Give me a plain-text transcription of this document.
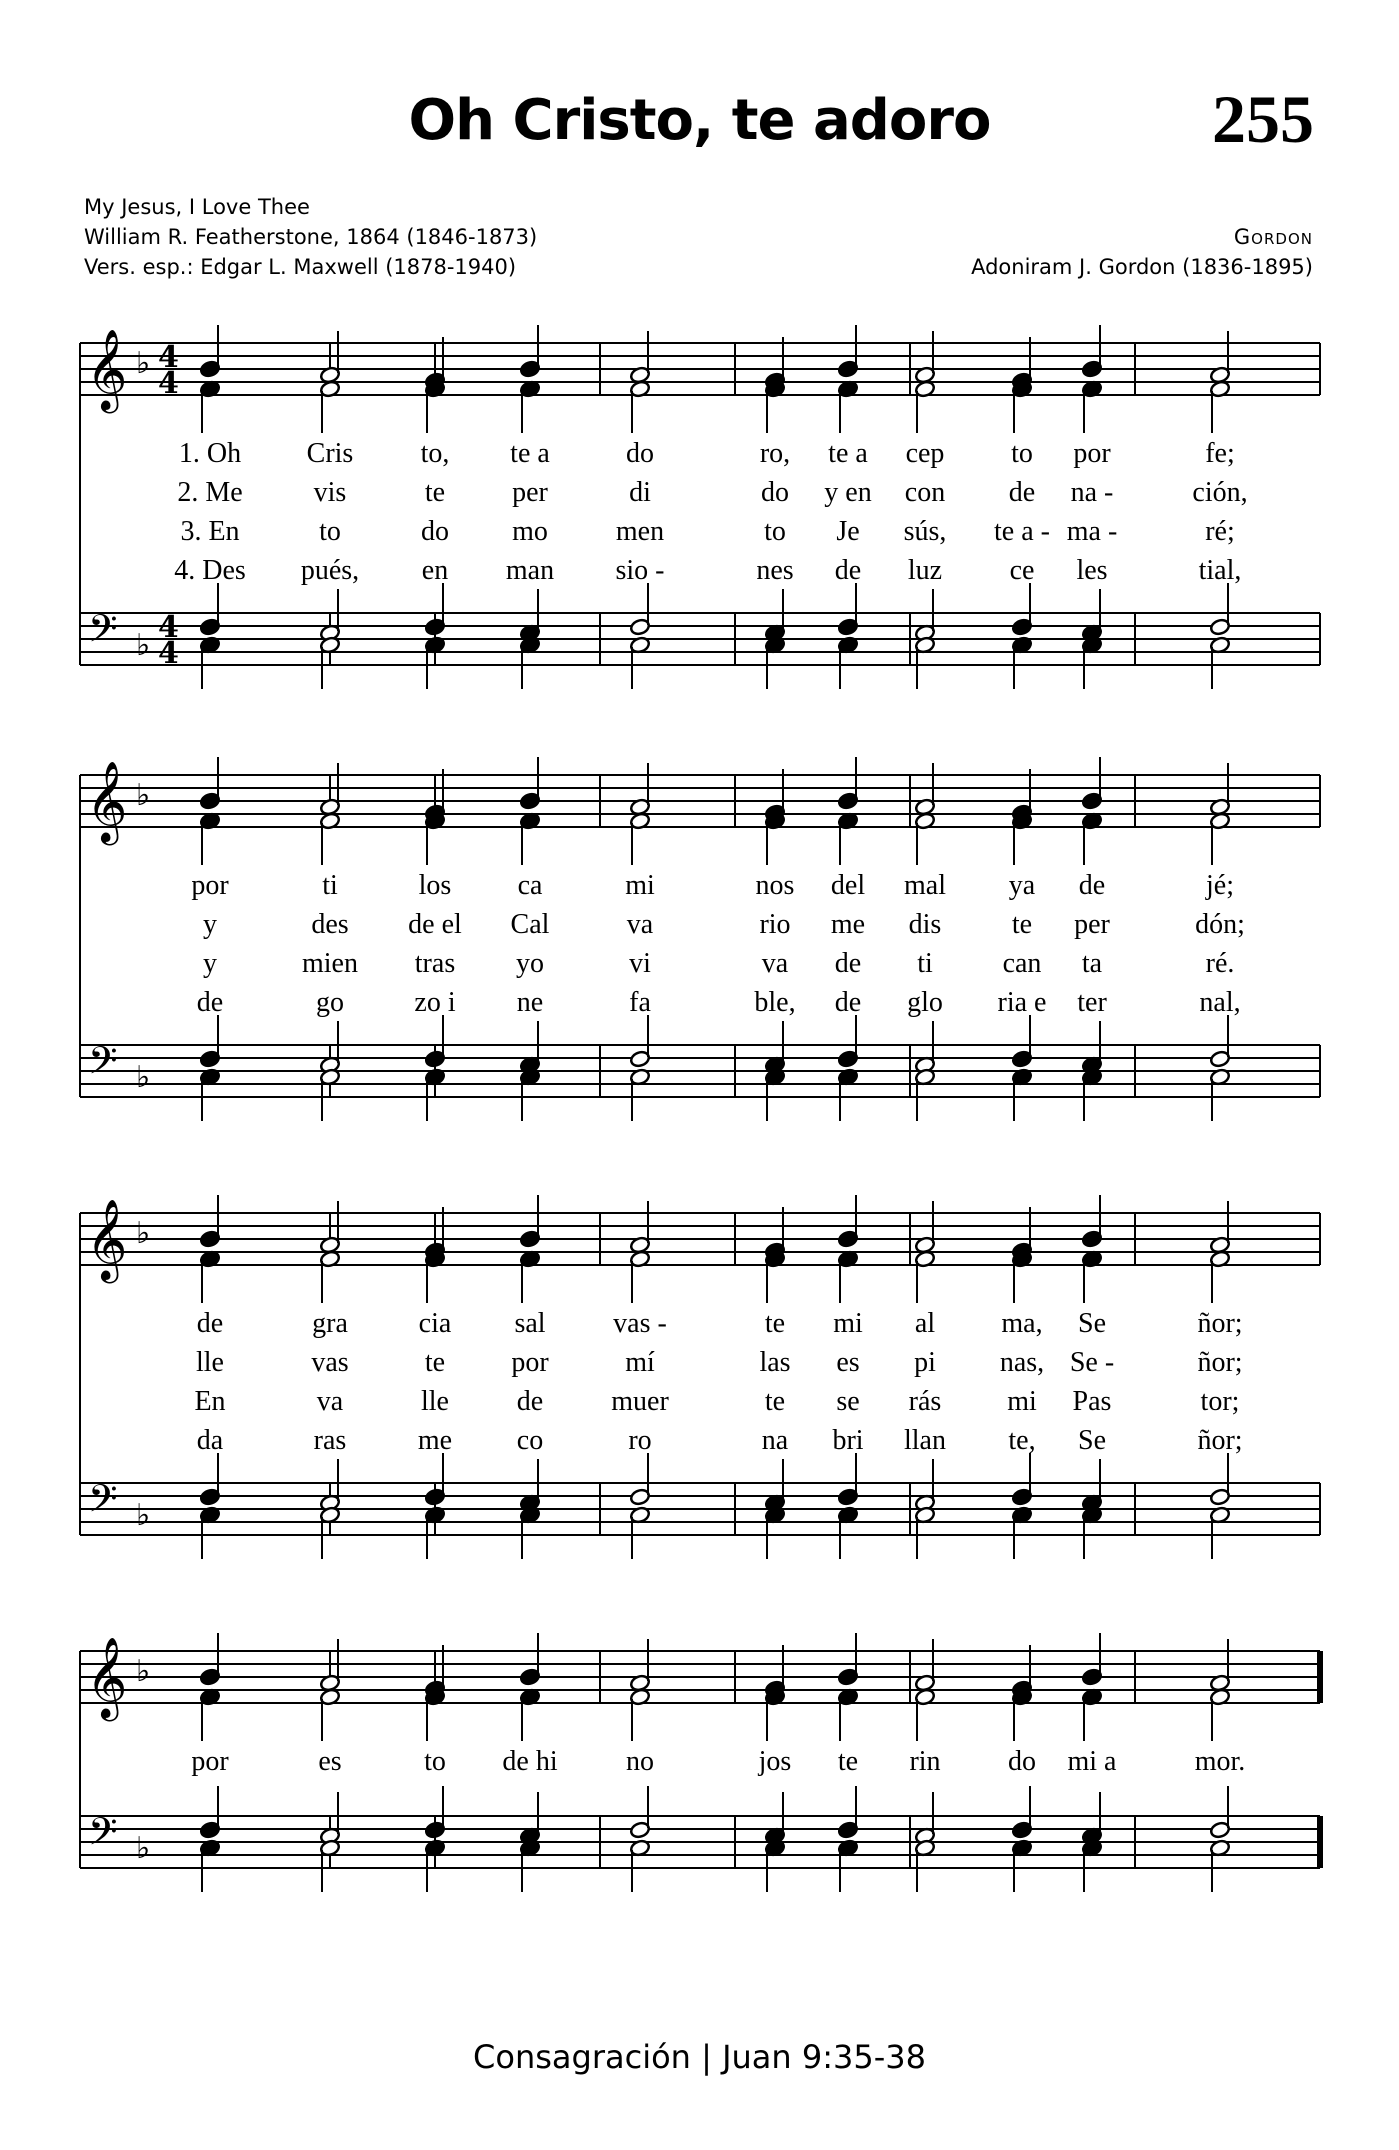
Oh Cristo, te adoro	255
My Jesus, I Love Thee
William R. Featherstone, 1864 (1846-1873)
Vers. esp.: Edgar L. Maxwell (1878-1940)
Gordon
Adoniram J. Gordon (1836-1895)
𝄞 ♭ 4
4
𝄢 ♭
4
4
1. Oh Cris to, te a	do	ro, te a cep to por	fe;
2. Me	vis	te per	di	do y en con de na -	ción,
3. En	to	do mo men	to Je sús, te a - ma -	ré;
4. Des pués, en man sio -	nes de luz ce les	tial,
𝄞 ♭
𝄢 ♭
por	ti	los ca	mi	nos del mal ya de	jé;
y	des de el Cal	va	rio me dis	te per	dón;
y	mien tras yo	vi	va de ti can ta	ré.
de	go	zo i ne	fa	ble, de glo ria e ter	nal,
𝄞 ♭
𝄢 ♭
de	gra	cia sal vas -	te mi al ma, Se	ñor;
lle	vas	te por	mí	las es pi nas, Se -	ñor;
En	va	lle de muer	te se rás mi Pas	tor;
da	ras	me co	ro	na bri llan te, Se	ñor;
𝄞 ♭
𝄢 ♭
por	es	to de hi no	jos te rin do mi a	mor.
Consagración | Juan 9:35-38
